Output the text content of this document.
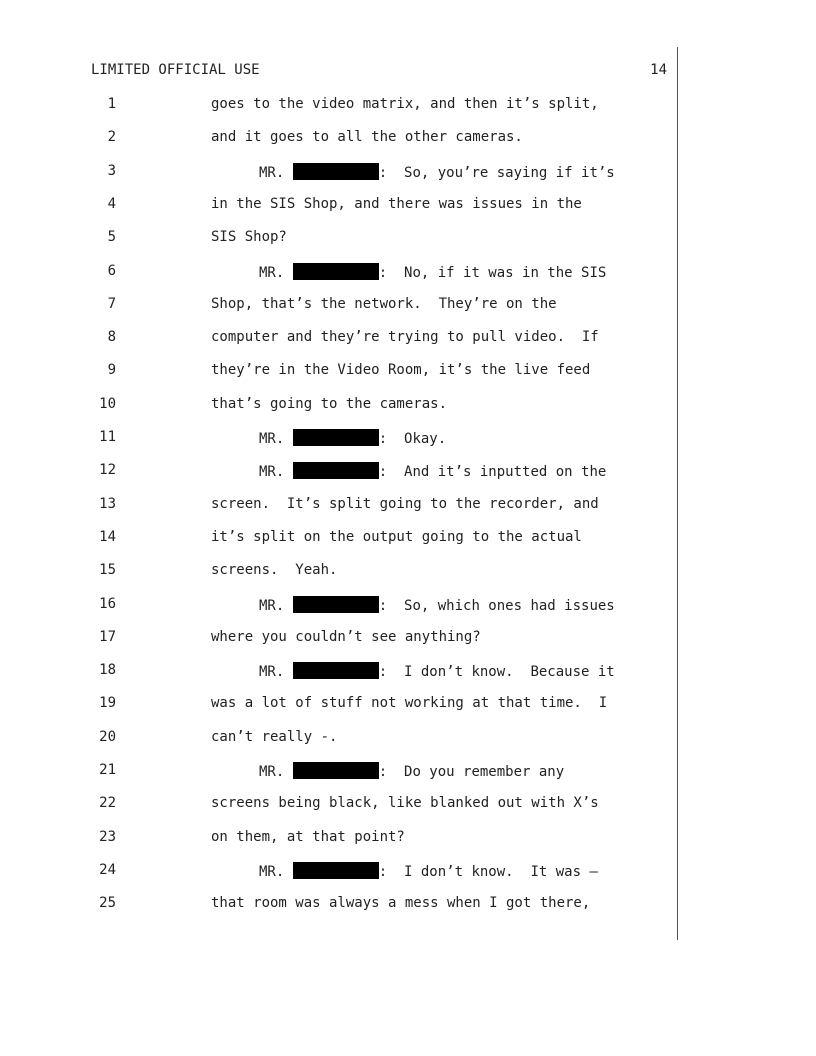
LIMITED OFFICIAL USE	14
1	goes to the video matrix, and then it’s split,
2	and it goes to all the other cameras.
3	MR.	:  So, you’re saying if it’s
4	in the SIS Shop, and there was issues in the
5	SIS Shop?
6	MR.	:  No, if it was in the SIS
7	Shop, that’s the network.  They’re on the
8	computer and they’re trying to pull video.  If
9	they’re in the Video Room, it’s the live feed
10	that’s going to the cameras.
11	MR.	:  Okay.
12	MR.	:  And it’s inputted on the
13	screen.  It’s split going to the recorder, and
14	it’s split on the output going to the actual
15	screens.  Yeah.
16	MR.	:  So, which ones had issues
17	where you couldn’t see anything?
18	MR.	:  I don’t know.  Because it
19	was a lot of stuff not working at that time.  I
20	can’t really -.
21	MR.	:  Do you remember any
22	screens being black, like blanked out with X’s
23	on them, at that point?
24	MR.	:  I don’t know.  It was –
25	that room was always a mess when I got there,
